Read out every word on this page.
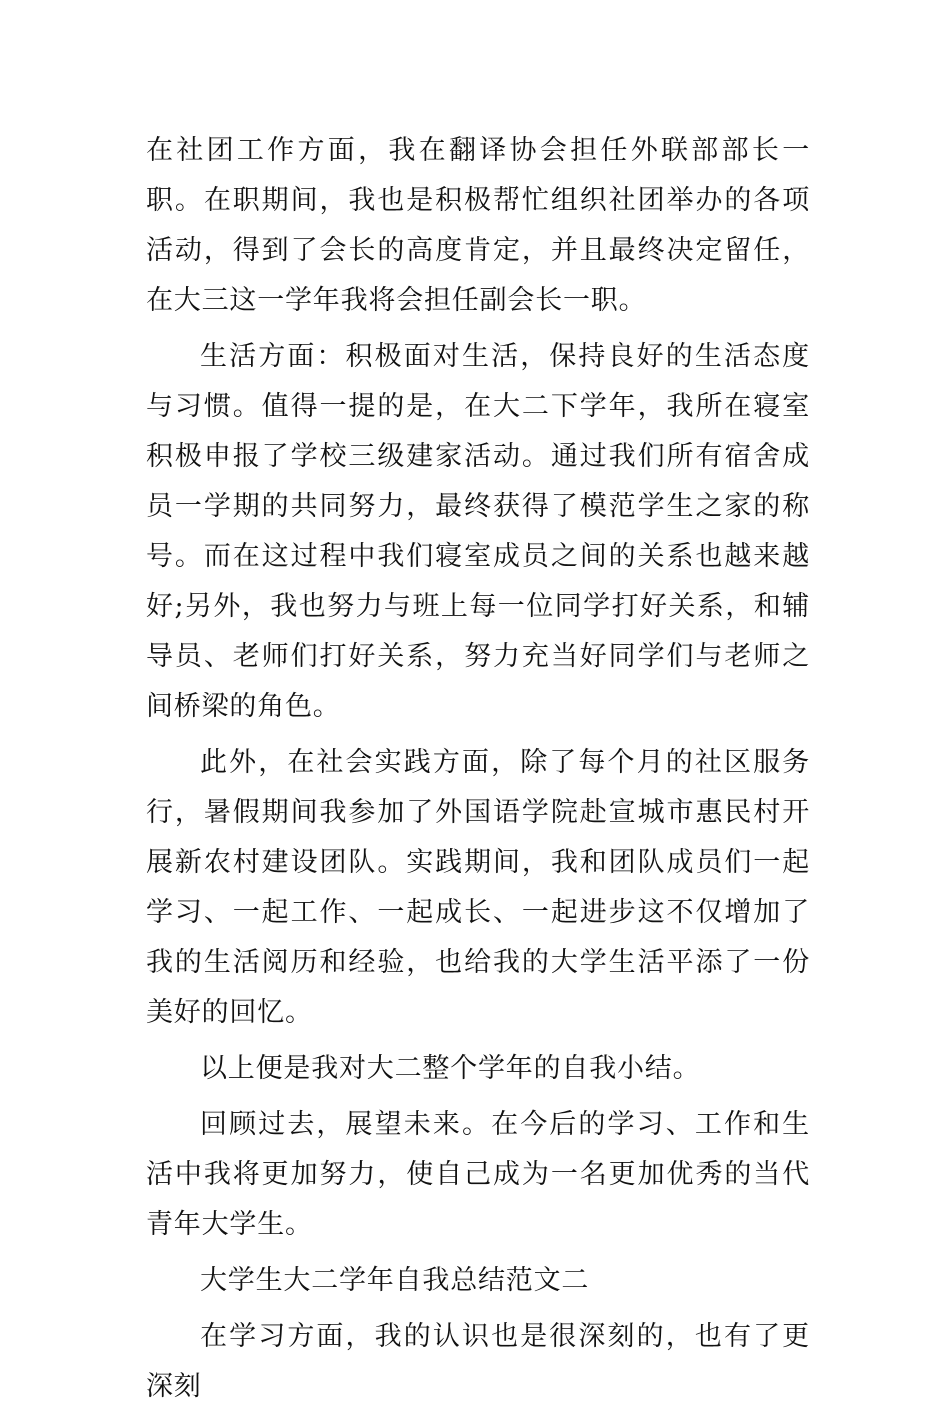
在社团工作方面，我在翻译协会担任外联部部长一职。在职期间，我也是积极帮忙组织社团举办的各项活动，得到了会长的高度肯定，并且最终决定留任，在大三这一学年我将会担任副会长一职。

生活方面：积极面对生活，保持良好的生活态度与习惯。值得一提的是，在大二下学年，我所在寝室积极申报了学校三级建家活动。通过我们所有宿舍成员一学期的共同努力，最终获得了模范学生之家的称号。而在这过程中我们寝室成员之间的关系也越来越好;另外，我也努力与班上每一位同学打好关系，和辅导员、老师们打好关系，努力充当好同学们与老师之间桥梁的角色。

此外，在社会实践方面，除了每个月的社区服务行，暑假期间我参加了外国语学院赴宣城市惠民村开展新农村建设团队。实践期间，我和团队成员们一起学习、一起工作、一起成长、一起进步这不仅增加了我的生活阅历和经验，也给我的大学生活平添了一份美好的回忆。

以上便是我对大二整个学年的自我小结。

回顾过去，展望未来。在今后的学习、工作和生活中我将更加努力，使自己成为一名更加优秀的当代青年大学生。

大学生大二学年自我总结范文二

在学习方面，我的认识也是很深刻的，也有了更深刻
